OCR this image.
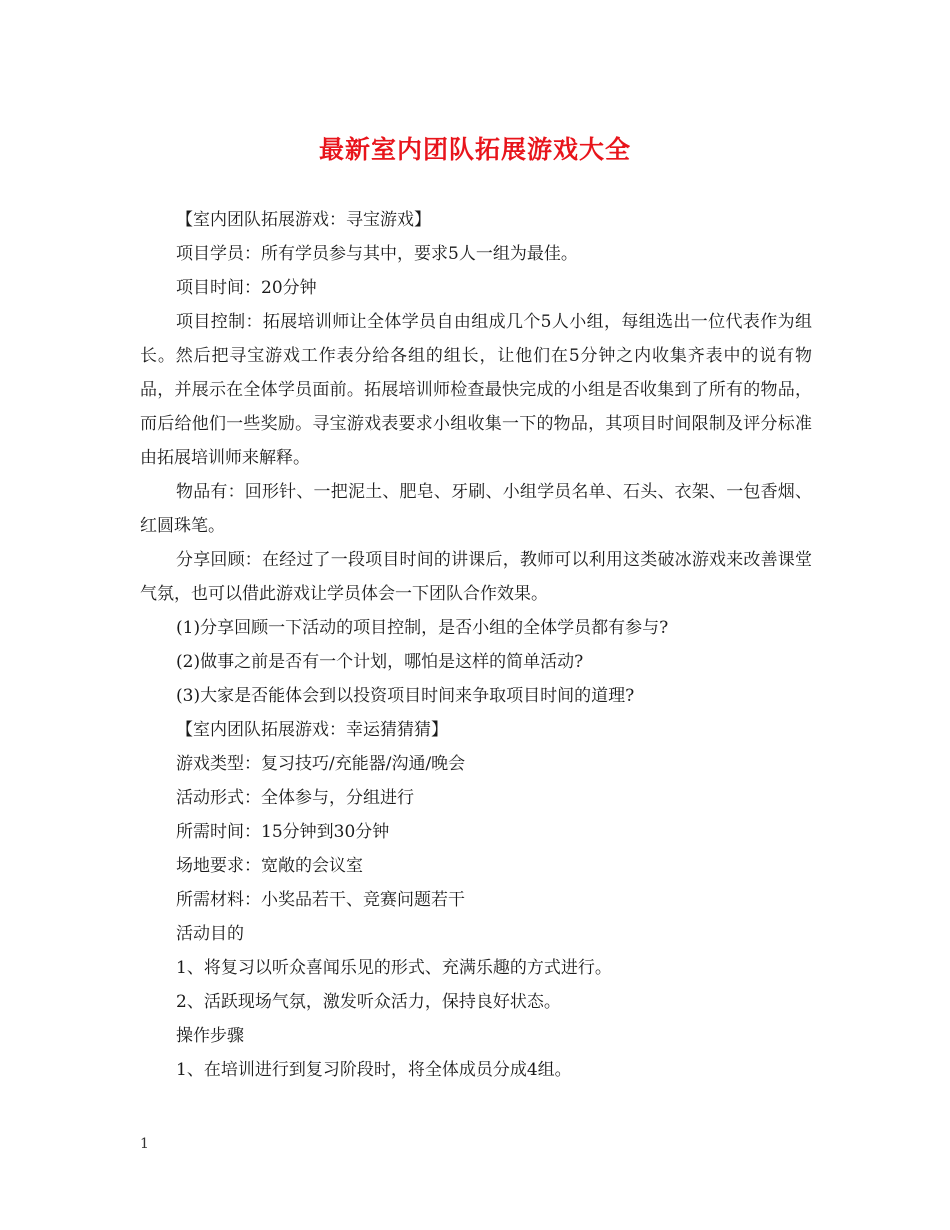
最新室内团队拓展游戏大全

【室内团队拓展游戏：寻宝游戏】

项目学员：所有学员参与其中，要求5人一组为最佳。

项目时间：20分钟

项目控制：拓展培训师让全体学员自由组成几个5人小组，每组选出一位代表作为组长。然后把寻宝游戏工作表分给各组的组长，让他们在5分钟之内收集齐表中的说有物品，并展示在全体学员面前。拓展培训师检查最快完成的小组是否收集到了所有的物品，而后给他们一些奖励。寻宝游戏表要求小组收集一下的物品，其项目时间限制及评分标准由拓展培训师来解释。

物品有：回形针、一把泥土、肥皂、牙刷、小组学员名单、石头、衣架、一包香烟、红圆珠笔。

分享回顾：在经过了一段项目时间的讲课后，教师可以利用这类破冰游戏来改善课堂气氛，也可以借此游戏让学员体会一下团队合作效果。

(1)分享回顾一下活动的项目控制，是否小组的全体学员都有参与?

(2)做事之前是否有一个计划，哪怕是这样的简单活动?

(3)大家是否能体会到以投资项目时间来争取项目时间的道理?

【室内团队拓展游戏：幸运猜猜猜】

游戏类型：复习技巧/充能器/沟通/晚会

活动形式：全体参与，分组进行

所需时间：15分钟到30分钟

场地要求：宽敞的会议室

所需材料：小奖品若干、竞赛问题若干

活动目的

1、将复习以听众喜闻乐见的形式、充满乐趣的方式进行。

2、活跃现场气氛，激发听众活力，保持良好状态。

操作步骤

1、在培训进行到复习阶段时，将全体成员分成4组。

1
